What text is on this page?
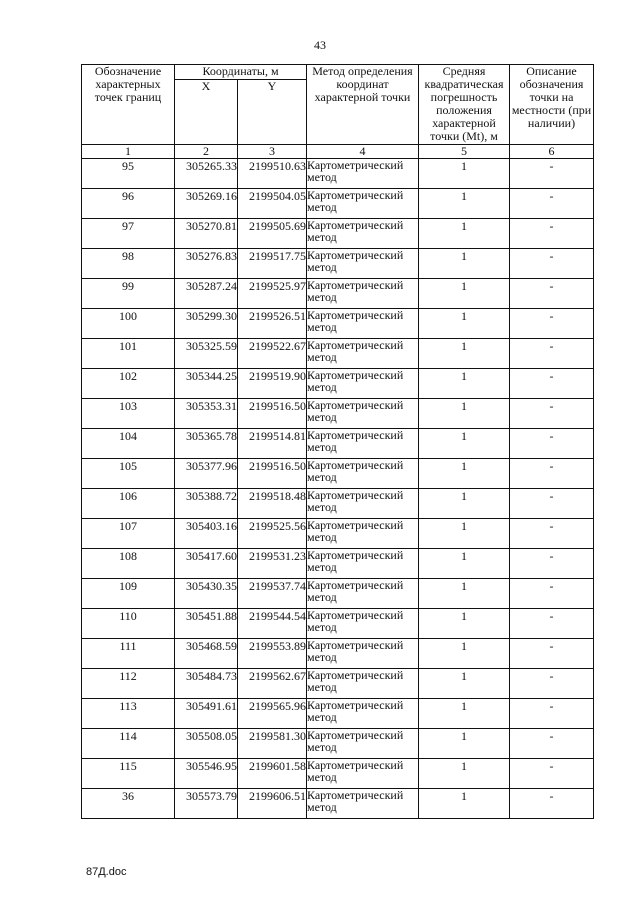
43
Обозначение характерных точек границ	Координаты, м		Метод определения координат характерной точки	Средняя квадратическая погрешность положения характерной точки (Mt), м	Описание обозначения точки на местности (при наличии)
	X	Y			
1	2	3	4	5	6
95	305265.33	2199510.63	Картометрический метод	1	-
96	305269.16	2199504.05	Картометрический метод	1	-
97	305270.81	2199505.69	Картометрический метод	1	-
98	305276.83	2199517.75	Картометрический метод	1	-
99	305287.24	2199525.97	Картометрический метод	1	-
100	305299.30	2199526.51	Картометрический метод	1	-
101	305325.59	2199522.67	Картометрический метод	1	-
102	305344.25	2199519.90	Картометрический метод	1	-
103	305353.31	2199516.50	Картометрический метод	1	-
104	305365.78	2199514.81	Картометрический метод	1	-
105	305377.96	2199516.50	Картометрический метод	1	-
106	305388.72	2199518.48	Картометрический метод	1	-
107	305403.16	2199525.56	Картометрический метод	1	-
108	305417.60	2199531.23	Картометрический метод	1	-
109	305430.35	2199537.74	Картометрический метод	1	-
110	305451.88	2199544.54	Картометрический метод	1	-
111	305468.59	2199553.89	Картометрический метод	1	-
112	305484.73	2199562.67	Картометрический метод	1	-
113	305491.61	2199565.96	Картометрический метод	1	-
114	305508.05	2199581.30	Картометрический метод	1	-
115	305546.95	2199601.58	Картометрический метод	1	-
36	305573.79	2199606.51	Картометрический метод	1	-
87Д.doc
